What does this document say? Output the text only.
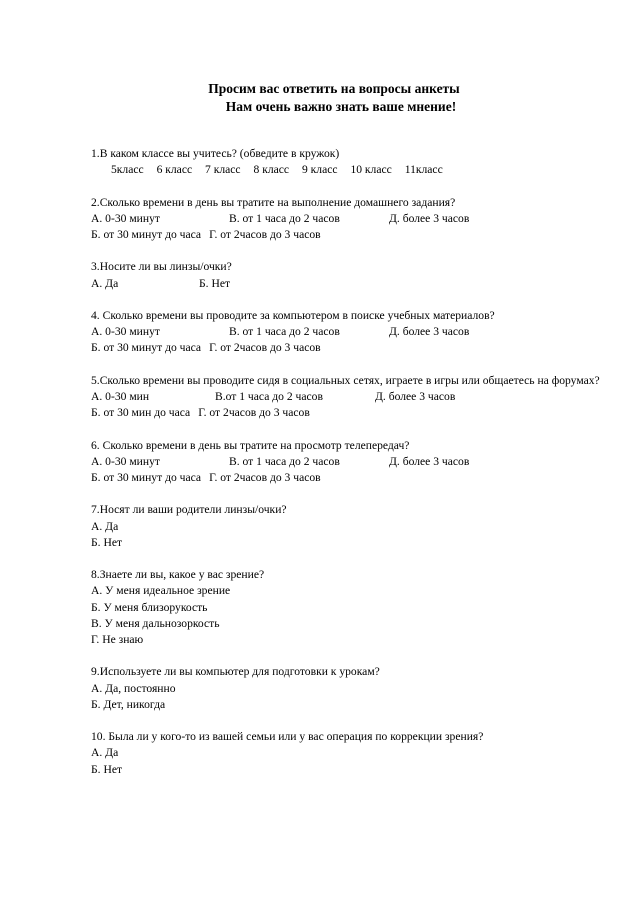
Просим вас ответить на вопросы анкеты
Нам очень важно знать ваше мнение!
1.В каком классе вы учитесь? (обведите в кружок)
5класс 6 класс 7 класс 8 класс 9 класс 10 класс 11класс
2.Сколько времени в день вы тратите на выполнение домашнего задания?
А. 0-30 минут	В. от 1 часа до 2 часов	Д. более 3 часов
Б. от 30 минут до часа Г. от 2часов до 3 часов
3.Носите ли вы линзы/очки?
А. Да	Б. Нет
4. Сколько времени вы проводите за компьютером в поиске учебных материалов?
А. 0-30 минут	В. от 1 часа до 2 часов	Д. более 3 часов
Б. от 30 минут до часа Г. от 2часов до 3 часов
5.Сколько времени вы проводите сидя в социальных сетях, играете в игры или общаетесь на форумах?
А. 0-30 мин	В.от 1 часа до 2 часов	Д. более 3 часов
Б. от 30 мин до часа Г. от 2часов до 3 часов
6. Сколько времени в день вы тратите на просмотр телепередач?
А. 0-30 минут	В. от 1 часа до 2 часов	Д. более 3 часов
Б. от 30 минут до часа Г. от 2часов до 3 часов
7.Носят ли ваши родители линзы/очки?
А. Да
Б. Нет
8.Знаете ли вы, какое у вас зрение?
А. У меня идеальное зрение
Б. У меня близорукость
В. У меня дальнозоркость
Г. Не знаю
9.Используете ли вы компьютер для подготовки к урокам?
А. Да, постоянно
Б. Дет, никогда
10. Была ли у кого-то из вашей семьи или у вас операция по коррекции зрения?
А. Да
Б. Нет
